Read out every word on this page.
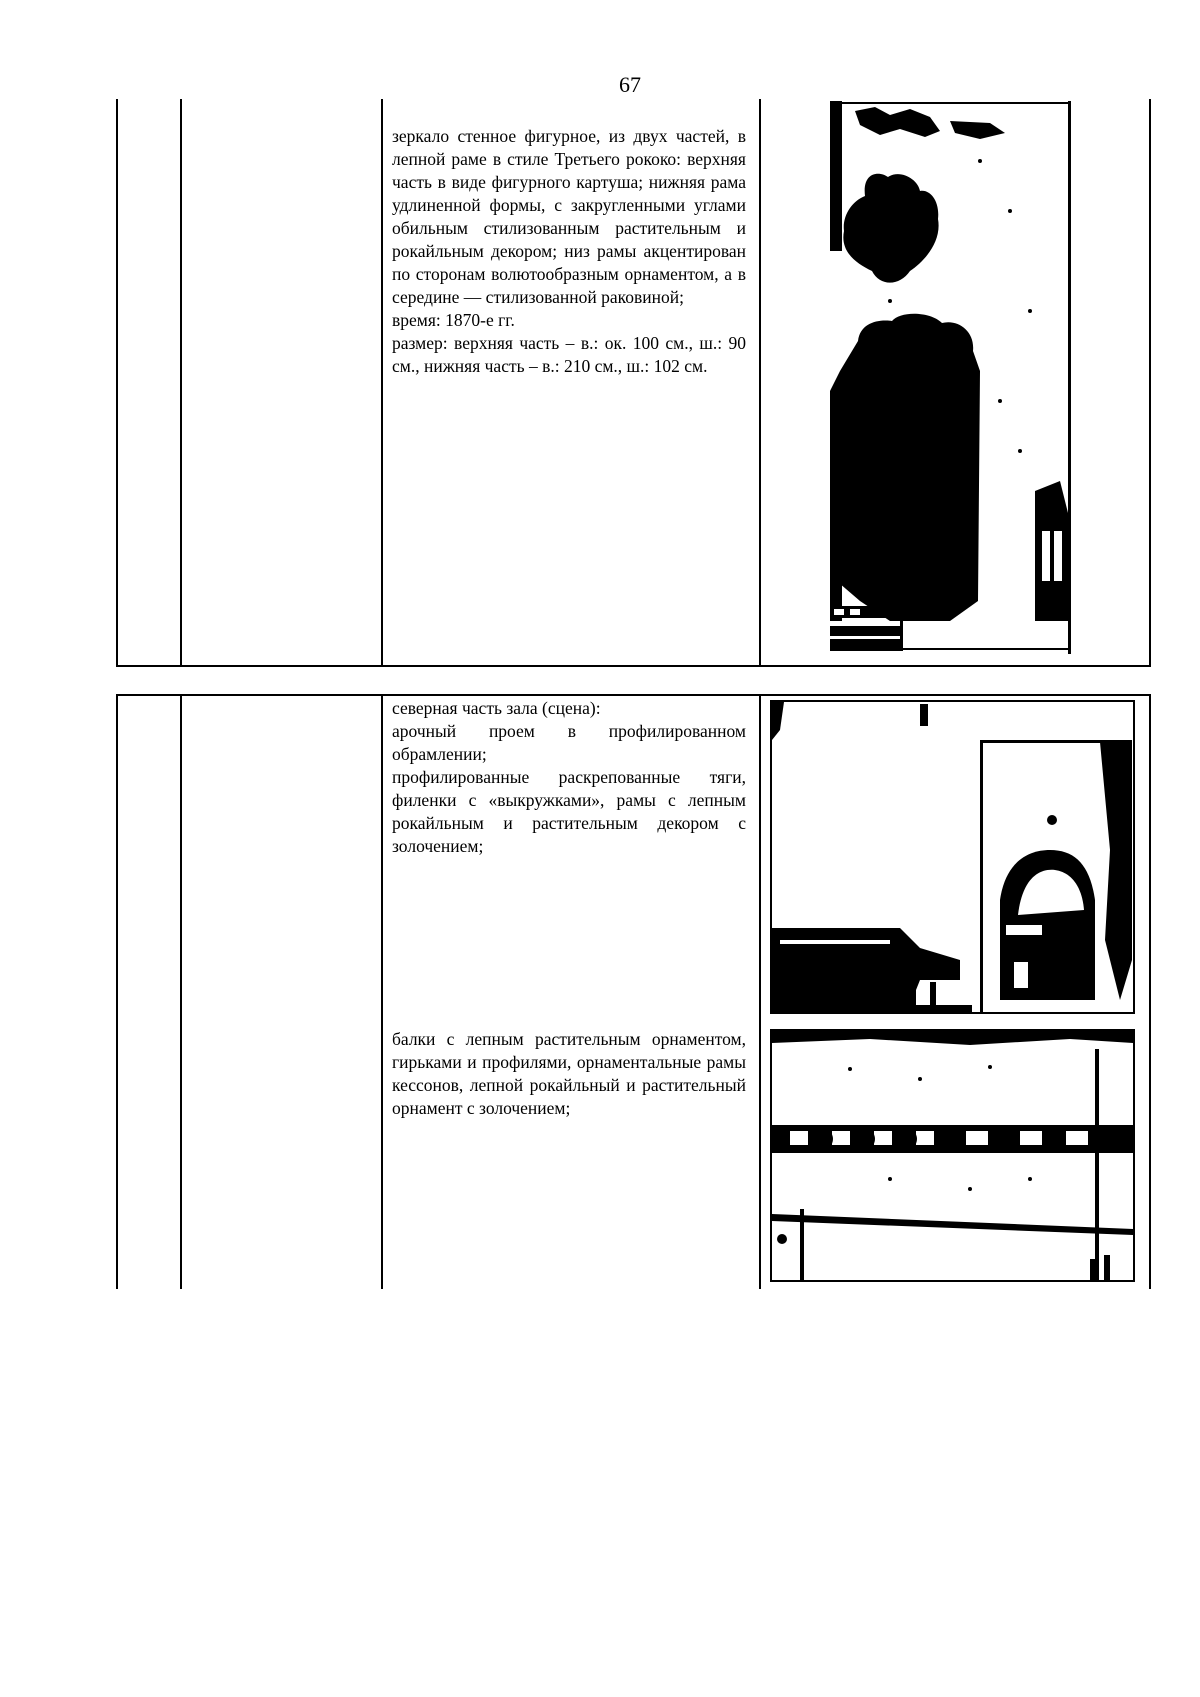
67

зеркало стенное фигурное, из двух частей, в лепной раме в стиле Третьего рококо: верхняя часть в виде фигурного картуша; нижняя рама удлиненной формы, с закругленными углами обильным стилизованным растительным и рокайльным декором; низ рамы акцентирован по сторонам волютообразным орнаментом, а в середине — стилизованной раковиной;

время: 1870-е гг.

размер: верхняя часть – в.: ок. 100 см., ш.: 90 см., нижняя часть – в.: 210 см., ш.: 102 см.

северная часть зала (сцена):

арочный проем в профилированном обрамлении;

профилированные раскрепованные тяги, филенки с «выкружками», рамы с лепным рокайльным и растительным декором с золочением;

балки с лепным растительным орнаментом, гирьками и профилями, орнаментальные рамы кессонов, лепной рокайльный и растительный орнамент с золочением;
